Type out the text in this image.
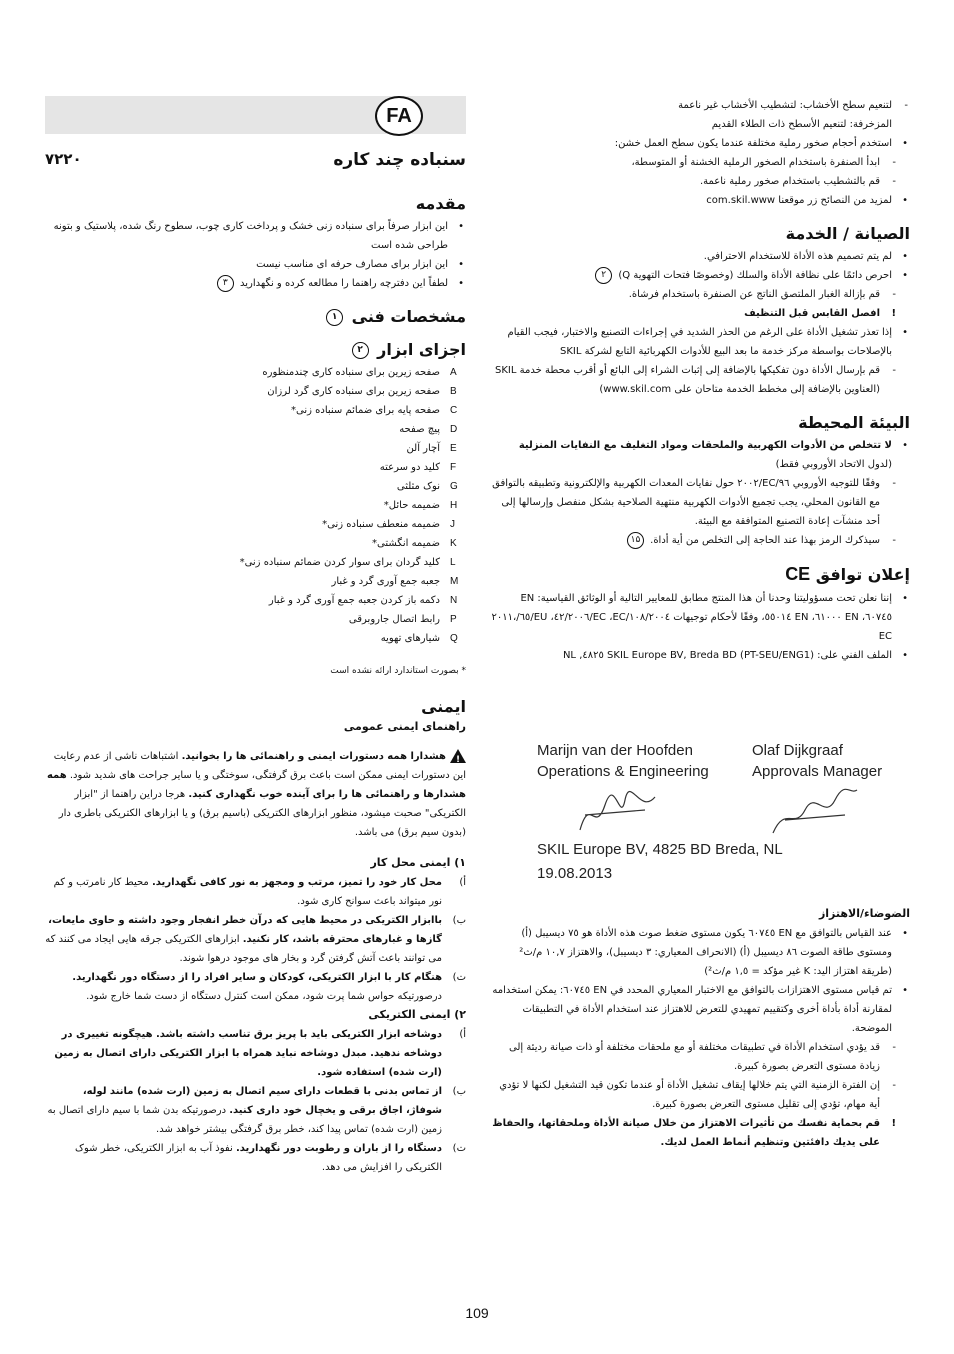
FA
سنباده چند کاره
۷۲۲۰
مقدمه
•
این ابزار صرفاً برای سنباده زنی خشک و پرداخت کاری چوب، سطوح رنگ شده، پلاستیک و بتونه طراحی شده است
•
این ابزار برای مصارف حرفه ای مناسب نیست
•
لطفاً این دفترچه راهنما را مطالعه کرده و نگهدارید ۳
مشخصات فنی ۱
اجزای ابزار ۲
A
صفحه زیرین برای سنباده کاری چندمنظوره
B
صفحه زیرین برای سنباده کاری گرد لرزان
C
صفحه پایه برای ضمائم سنباده زنی*
D
پیچ صفحه
E
آچار آلن
F
کلید دو سرعته
G
نوک مثلثی
H
ضمیمه حائل*
J
ضمیمه منعطف سنباده زنی*
K
ضمیمه انگشتی*
L
کلید گردان برای سوار کردن ضمائم سنباده زنی*
M
جعبه جمع آوری گرد و غبار
N
دکمه باز کردن جعبه جمع آوری گرد و غبار
P
رابط اتصال جاروبرقی
Q
شیارهای تهویه
* بصورت استاندارد ارائه نشده است
ایمنی
راهنمای ایمنی عمومی
!هشدارا همه دستورات ایمنی و راهنمائی ها را بخوانید. اشتباهات ناشی از عدم رعایت این دستورات ایمنی ممکن است باعث برق گرفتگی، سوختگی و یا سایر جراحت های شدید شود. همه هشدارها و راهنمائی ها را برای آینده خوب نگهداری کنید. هرجا دراین راهنما از "ابزار الکتریکی" صحبت میشود، منظور ابزارهای الکتریکی (باسیم برق) و یا ابزارهای الکتریکی باطری دار (بدون سیم برق) می باشد.
۱) ایمنی محل کار
أ)
محل کار خود را تمیز، مرتب و ومجهز به نور کافی نگهدارید. محیط کار نامرتب و کم نور میتواند باعث سوانح کاری شود.
ب)
باابزار الکتریکی در محیط هایی که درآن خطر انفجار وجود داشته و حاوی مایعات، گازها و غبارهای محترقه باشد، کار نکنید. ابزارهای الکتریکی جرقه هایی ایجاد می کنند که می توانند باعث آتش گرفتن گرد و بخار های موجود درهوا شوند.
ت)
هنگام کار با ابزار الکتریکی، کودکان و سایر افراد را از دستگاه دور نگهدارید. درصورتیکه حواس شما پرت شود، ممکن است کنترل دستگاه از دست شما خارج شود.
۲) ایمنی الکتریکی
أ)
دوشاخه ابزار الکتریکی باید با پریز برق تناسب داشته باشد. هیچگونه تغییری در دوشاخه ندهید. مبدل دوشاخه نباید همراه با ابزار الکتریکی دارای اتصال به زمین (ارت شده) استفاده شود.
ب)
از تماس بدنی با قطعات دارای سیم اتصال به زمین (ارت شده) مانند لوله، شوفاژ، اجاق برقی و یخچال خود داری کنید. درصورتیکه بدن شما با سیم دارای اتصال به زمین (ارت شده) تماس پیدا کند، خطر برق گرفتگی بیشتر خواهد شد.
ت)
دستگاه را از باران و رطوبت دور نگهدارید. نفوذ آب به ابزار الکتریکی، خطر شوک الکتریکی را افزایش می دهد.
-
لتنعيم سطح الأخشاب: لتشطيب الأخشاب غير ناعمة
المزخرفة: لتنعيم الأسطح ذات الطلاء القديم
•
استخدم أحجام صخور رملية مختلفة عندما يكون سطح العمل خشن:
-
ابدأ الصنفرة باستخدام الصخور الرملية الخشنة أو المتوسطة،
-
قم بالتشطيب باستخدام صخور رملية ناعمة.
•
لمزيد من النصائح زر موقعنا com.skil.www
الصيانة / الخدمة
•
لم يتم تصميم هذه الأداة للاستخدام الاحترافي.
•
احرص دائمًا على نظافة الأداة والسلك (وخصوصًا فتحات التهوية Q) ۲
-
قم بإزالة الغبار الملتصق الناتج عن الصنفرة باستخدام فرشاة.
!
افصل القابس قبل التنظيف
•
إذا تعذر تشغيل الأداة على الرغم من الحذر الشديد في إجراءات التصنيع والاختبار، فيجب القيام بالإصلاحات بواسطة مركز خدمة ما بعد البيع للأدوات الكهربائية التابع لشركة SKIL
-
قم بإرسال الأداة دون تفكيكها بالإضافة إلى إثبات الشراء إلى البائع أو أقرب محطة خدمة SKIL (العناوين بالإضافة إلى مخطط الخدمة متاحان على www.skil.com)
البيئة المحيطة
•
لا تتخلص من الأدوات الكهربية والملحقات ومواد التغليف مع النفايات المنزلية
(لدول الاتحاد الأوروبي فقط)
-
وفقًا للتوجيه الأوروبي EC/۹٦/۲۰۰۲ حول نفايات المعدات الكهربية والإلكترونية وتطبيقه بالتوافق مع القانون المحلي، يجب تجميع الأدوات الكهربية منتهية الصلاحية بشكل منفصل وإرسالها إلى أحد منشآت إعادة التصنيع المتوافقة مع البيئة.
-
سيذكرك الرمز بهذا عند الحاجة إلى التخلص من أية أداة. ۱۵
إعلان توافق CE
•
إننا نعلن تحت مسؤوليتنا وحدنا أن هذا المنتج مطابق للمعايير التالية أو الوثائق القياسية: EN ٦٠٧٤٥، EN ٦١٠٠٠، EN ٥٥٠١٤، وفقًا لأحكام توجيهات EC/۱۰۸/۲۰۰٤، EC/٤۲/۲۰۰٦، EU/٦٥/۲۰۱۱، EC
•
الملف الفني على: (PT-SEU/ENG1) SKIL Europe BV, Breda BD ٤٨٢٥, NL
Marijn van der Hoofden
Operations & Engineering
Olaf Dijkgraaf
Approvals Manager
SKIL Europe BV, 4825 BD Breda, NL
19.08.2013
الضوضاء/الاهتزاز
•
عند القياس بالتوافق مع EN ٦٠٧٤٥ يكون مستوى ضغط صوت هذه الأداة هو ٧٥ ديسيبل (أ) ومستوى طاقة الصوت ٨٦ ديسيبل (أ) (الانحراف المعياري: ٣ ديسيبل)، والاهتزاز ١٠,٧ م/ث² (طريقة اهتزاز اليد: K غير مؤكد = ١,٥ م/ث²)
•
تم قياس مستوى الاهتزازات بالتوافق مع الاختبار المعياري المحدد في EN ٦٠٧٤٥: يمكن استخدامه لمقارنة أداة بأداة أخرى وكتقييم تمهيدي للتعرض للاهتزاز عند استخدام الأداة في التطبيقات الموضحة.
-
قد يؤدي استخدام الأداة في تطبيقات مختلفة أو مع ملحقات مختلفة أو ذات صيانة رديئة إلى زيادة مستوى التعرض بصورة كبيرة.
-
إن الفترة الزمنية التي يتم خلالها إيقاف تشغيل الأداة أو عندما تكون قيد التشغيل لكنها لا تؤدي أية مهام، تؤدي إلى تقليل مستوى التعرض بصورة كبيرة.
!
قم بحماية نفسك من تأثيرات الاهتزاز من خلال صيانة الأداة وملحقاتها، والحفاظ على يديك دافئتين وتنظيم أنماط العمل لديك.
109
